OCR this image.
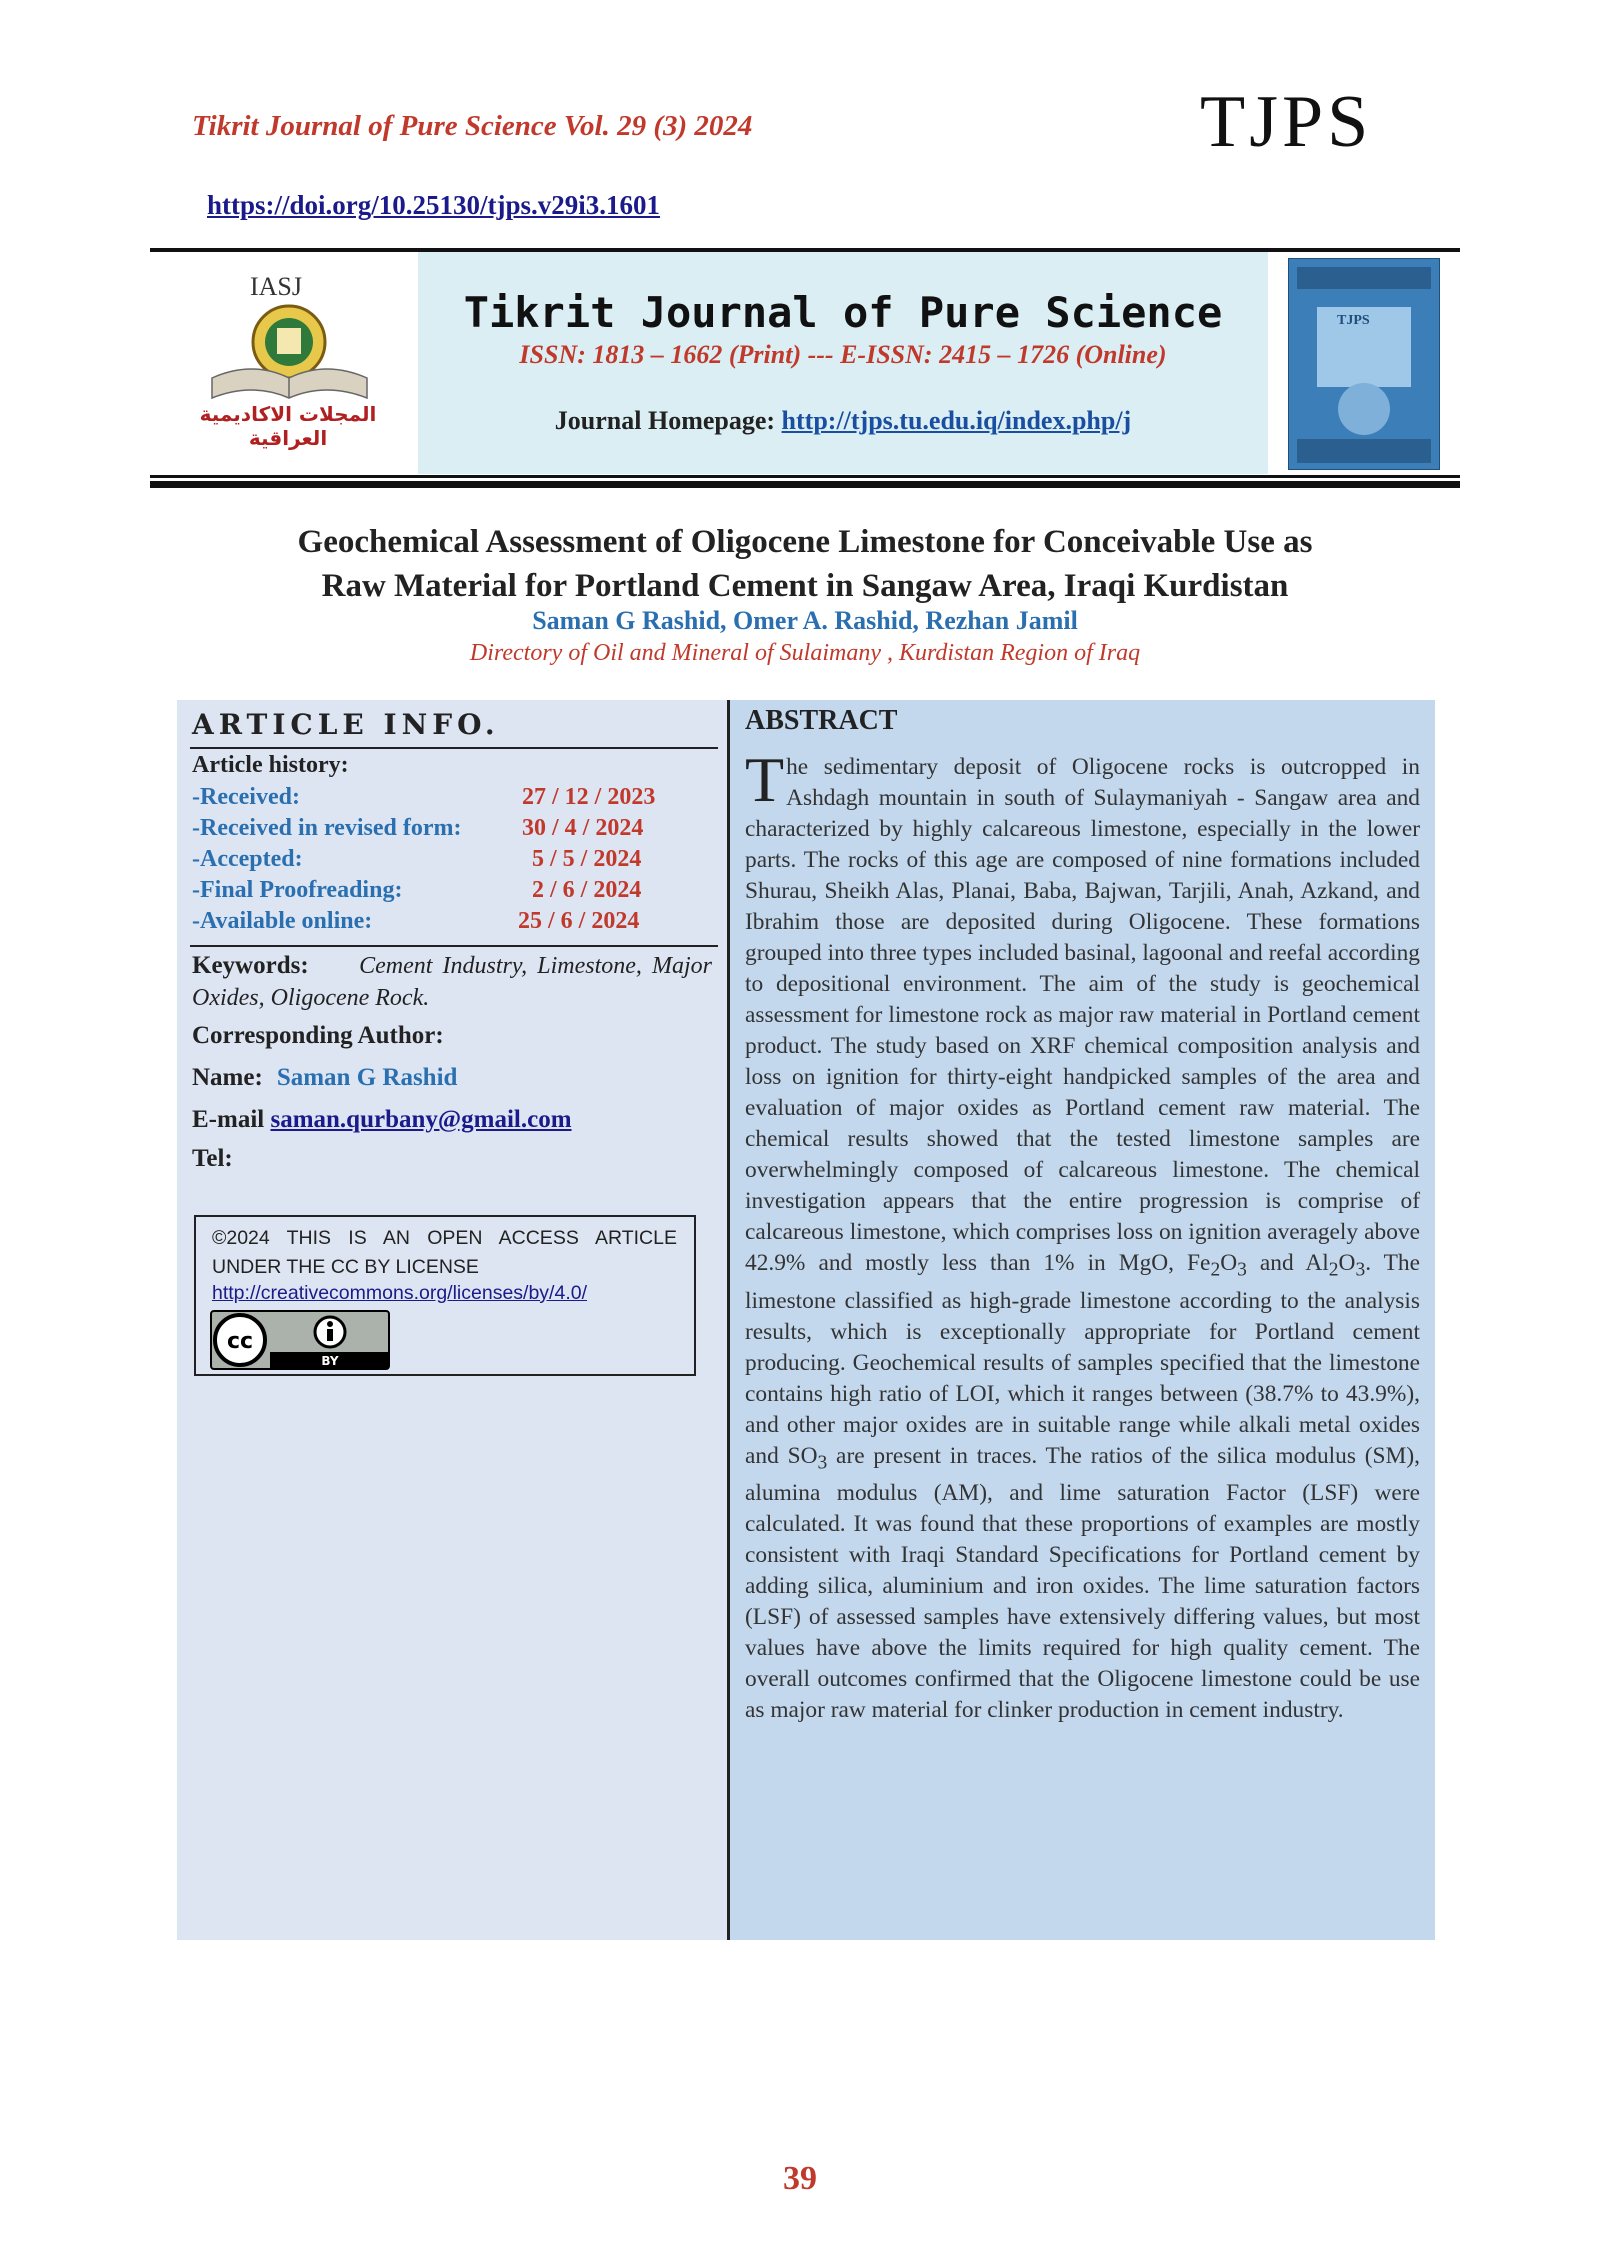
Tikrit Journal of Pure Science Vol. 29 (3) 2024	TJPS
https://doi.org/10.25130/tjps.v29i3.1601
IASJ
المجلات الاكاديمية العراقية
Tikrit Journal of Pure Science
ISSN: 1813 – 1662 (Print) --- E-ISSN: 2415 – 1726 (Online)
Journal Homepage: http://tjps.tu.edu.iq/index.php/j
TJPS
Geochemical Assessment of Oligocene Limestone for Conceivable Use as
Raw Material for Portland Cement in Sangaw Area, Iraqi Kurdistan
Saman G Rashid, Omer A. Rashid, Rezhan Jamil
Directory of Oil and Mineral of Sulaimany , Kurdistan Region of Iraq
ARTICLE INFO.
Article history:
-Received:	27 / 12 / 2023
-Received in revised form:	30 / 4 / 2024
-Accepted:	5 / 5 / 2024
-Final Proofreading:	2 / 6 / 2024
-Available online:	25 / 6 / 2024
Keywords: Cement Industry, Limestone, Major Oxides, Oligocene Rock.
Corresponding Author:
Name: Saman G Rashid
E-mail saman.qurbany@gmail.com
Tel:
©2024 THIS IS AN OPEN ACCESS ARTICLE UNDER THE CC BY LICENSE
http://creativecommons.org/licenses/by/4.0/
cc
BY
ABSTRACT
The sedimentary deposit of Oligocene rocks is outcropped in Ashdagh mountain in south of Sulaymaniyah - Sangaw area and characterized by highly calcareous limestone, especially in the lower parts. The rocks of this age are composed of nine formations included Shurau, Sheikh Alas, Planai, Baba, Bajwan, Tarjili, Anah, Azkand, and Ibrahim those are deposited during Oligocene. These formations grouped into three types included basinal, lagoonal and reefal according to depositional environment. The aim of the study is geochemical assessment for limestone rock as major raw material in Portland cement product. The study based on XRF chemical composition analysis and loss on ignition for thirty-eight handpicked samples of the area and evaluation of major oxides as Portland cement raw material. The chemical results showed that the tested limestone samples are overwhelmingly composed of calcareous limestone. The chemical investigation appears that the entire progression is comprise of calcareous limestone, which comprises loss on ignition averagely above 42.9% and mostly less than 1% in MgO, $Fe_2O_3$ and $Al_2O_3$. The limestone classified as high-grade limestone according to the analysis results, which is exceptionally appropriate for Portland cement producing. Geochemical results of samples specified that the limestone contains high ratio of LOI, which it ranges between (38.7% to 43.9%), and other major oxides are in suitable range while alkali metal oxides and $SO_3$ are present in traces. The ratios of the silica modulus (SM), alumina modulus (AM), and lime saturation Factor (LSF) were calculated. It was found that these proportions of examples are mostly consistent with Iraqi Standard Specifications for Portland cement by adding silica, aluminium and iron oxides. The lime saturation factors (LSF) of assessed samples have extensively differing values, but most values have above the limits required for high quality cement. The overall outcomes confirmed that the Oligocene limestone could be use as major raw material for clinker production in cement industry.
39
